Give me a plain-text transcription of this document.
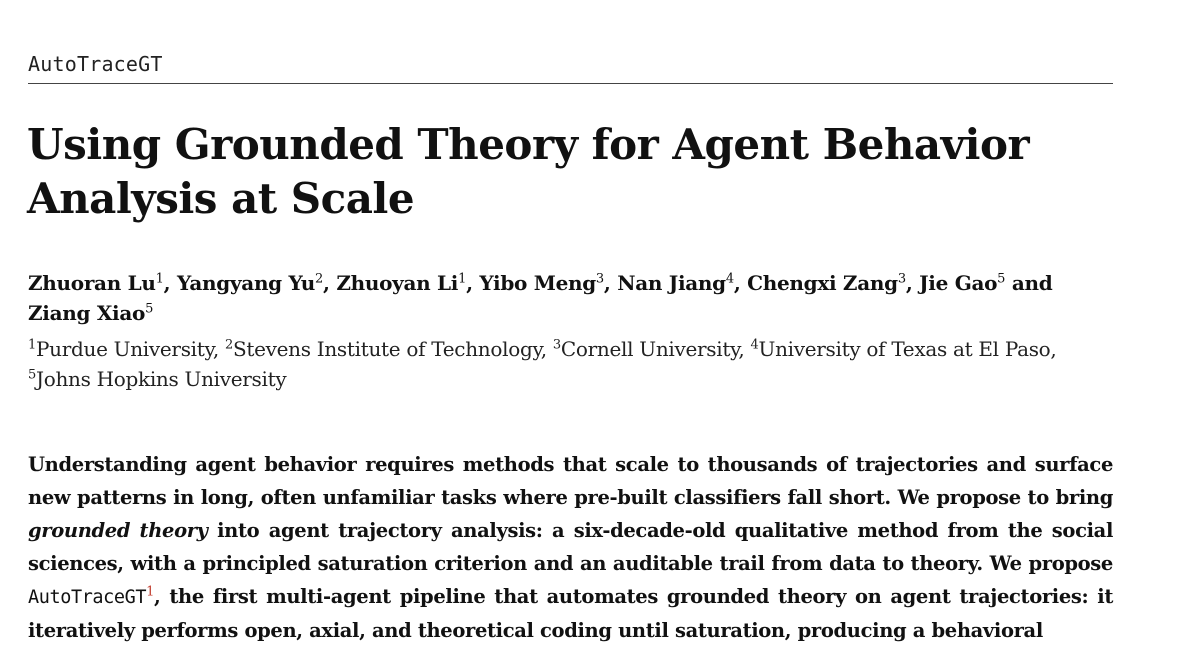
AutoTraceGT
Using Grounded Theory for Agent Behavior
Analysis at Scale

Zhuoran Lu$^1$, Yangyang Yu$^2$, Zhuoyan Li$^1$, Yibo Meng$^3$, Nan Jiang$^4$, Chengxi Zang$^3$, Jie Gao$^5$ and
Ziang Xiao$^5$

$^1$Purdue University, $^2$Stevens Institute of Technology, $^3$Cornell University, $^4$University of Texas at El Paso,
$^5$Johns Hopkins University

Understanding agent behavior requires methods that scale to thousands of trajectories and surface new patterns in long, often unfamiliar tasks where pre-built classifiers fall short. We propose to bring grounded theory into agent trajectory analysis: a six-decade-old qualitative method from the social sciences, with a principled saturation criterion and an auditable trail from data to theory. We propose AutoTraceGT$^1$, the first multi-agent pipeline that automates grounded theory on agent trajectories: it iteratively performs open, axial, and theoretical coding until saturation, producing a behavioral
